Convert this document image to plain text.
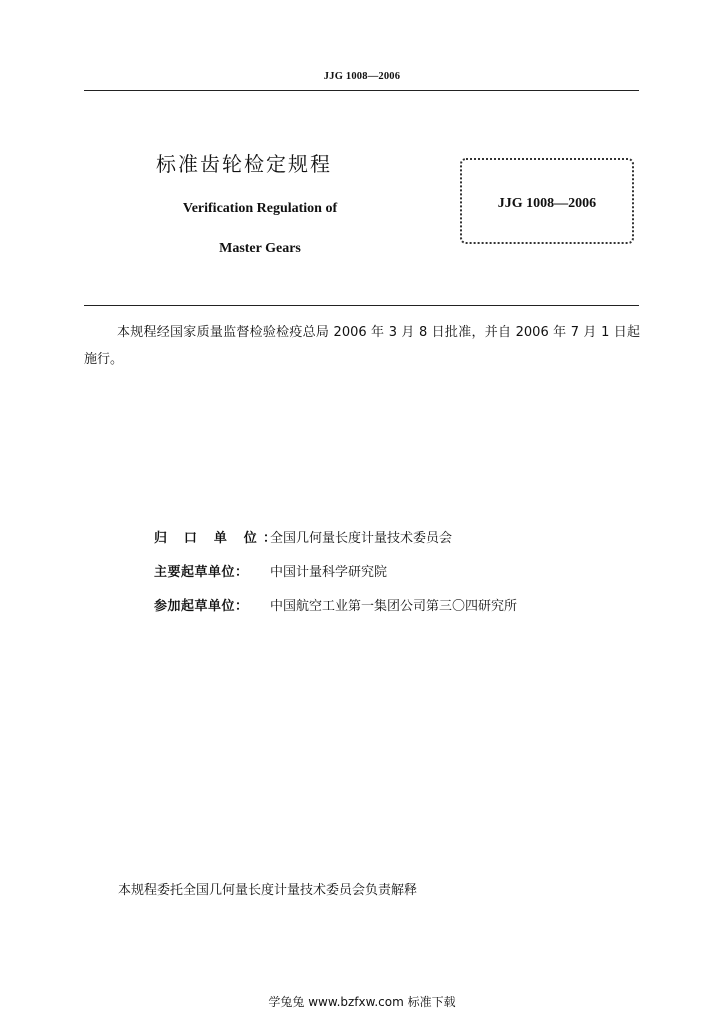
JJG 1008—2006
标准齿轮检定规程
Verification Regulation of
Master Gears
JJG 1008—2006
本规程经国家质量监督检验检疫总局 2006 年 3 月 8 日批准，并自 2006 年 7 月 1 日起施行。
归 口 单 位：全国几何量长度计量技术委员会
主要起草单位： 中国计量科学研究院
参加起草单位： 中国航空工业第一集团公司第三〇四研究所
本规程委托全国几何量长度计量技术委员会负责解释
学兔兔 www.bzfxw.com 标准下载
